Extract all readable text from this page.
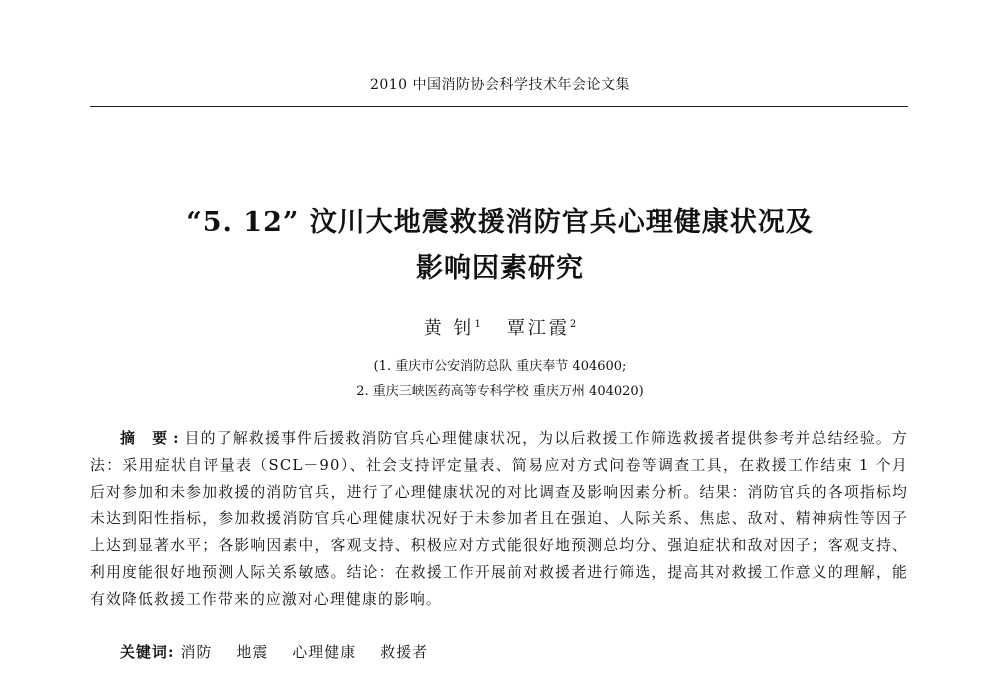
2010 中国消防协会科学技术年会论文集
“5. 12” 汶川大地震救援消防官兵心理健康状况及
影响因素研究
黄 钊$^1$ 覃江霞$^2$
(1. 重庆市公安消防总队 重庆奉节 404600;
2. 重庆三峡医药高等专科学校 重庆万州 404020)

摘 要:目的了解救援事件后援救消防官兵心理健康状况，为以后救援工作筛选救援者提供参考并总结经验。方法：采用症状自评量表（SCL－90）、社会支持评定量表、简易应对方式问卷等调查工具，在救援工作结束 1 个月后对参加和未参加救援的消防官兵，进行了心理健康状况的对比调查及影响因素分析。结果：消防官兵的各项指标均未达到阳性指标，参加救援消防官兵心理健康状况好于未参加者且在强迫、人际关系、焦虑、敌对、精神病性等因子上达到显著水平；各影响因素中，客观支持、积极应对方式能很好地预测总均分、强迫症状和敌对因子；客观支持、利用度能很好地预测人际关系敏感。结论：在救援工作开展前对救援者进行筛选，提高其对救援工作意义的理解，能有效降低救援工作带来的应激对心理健康的影响。

关键词: 消防 地震 心理健康 救援者
